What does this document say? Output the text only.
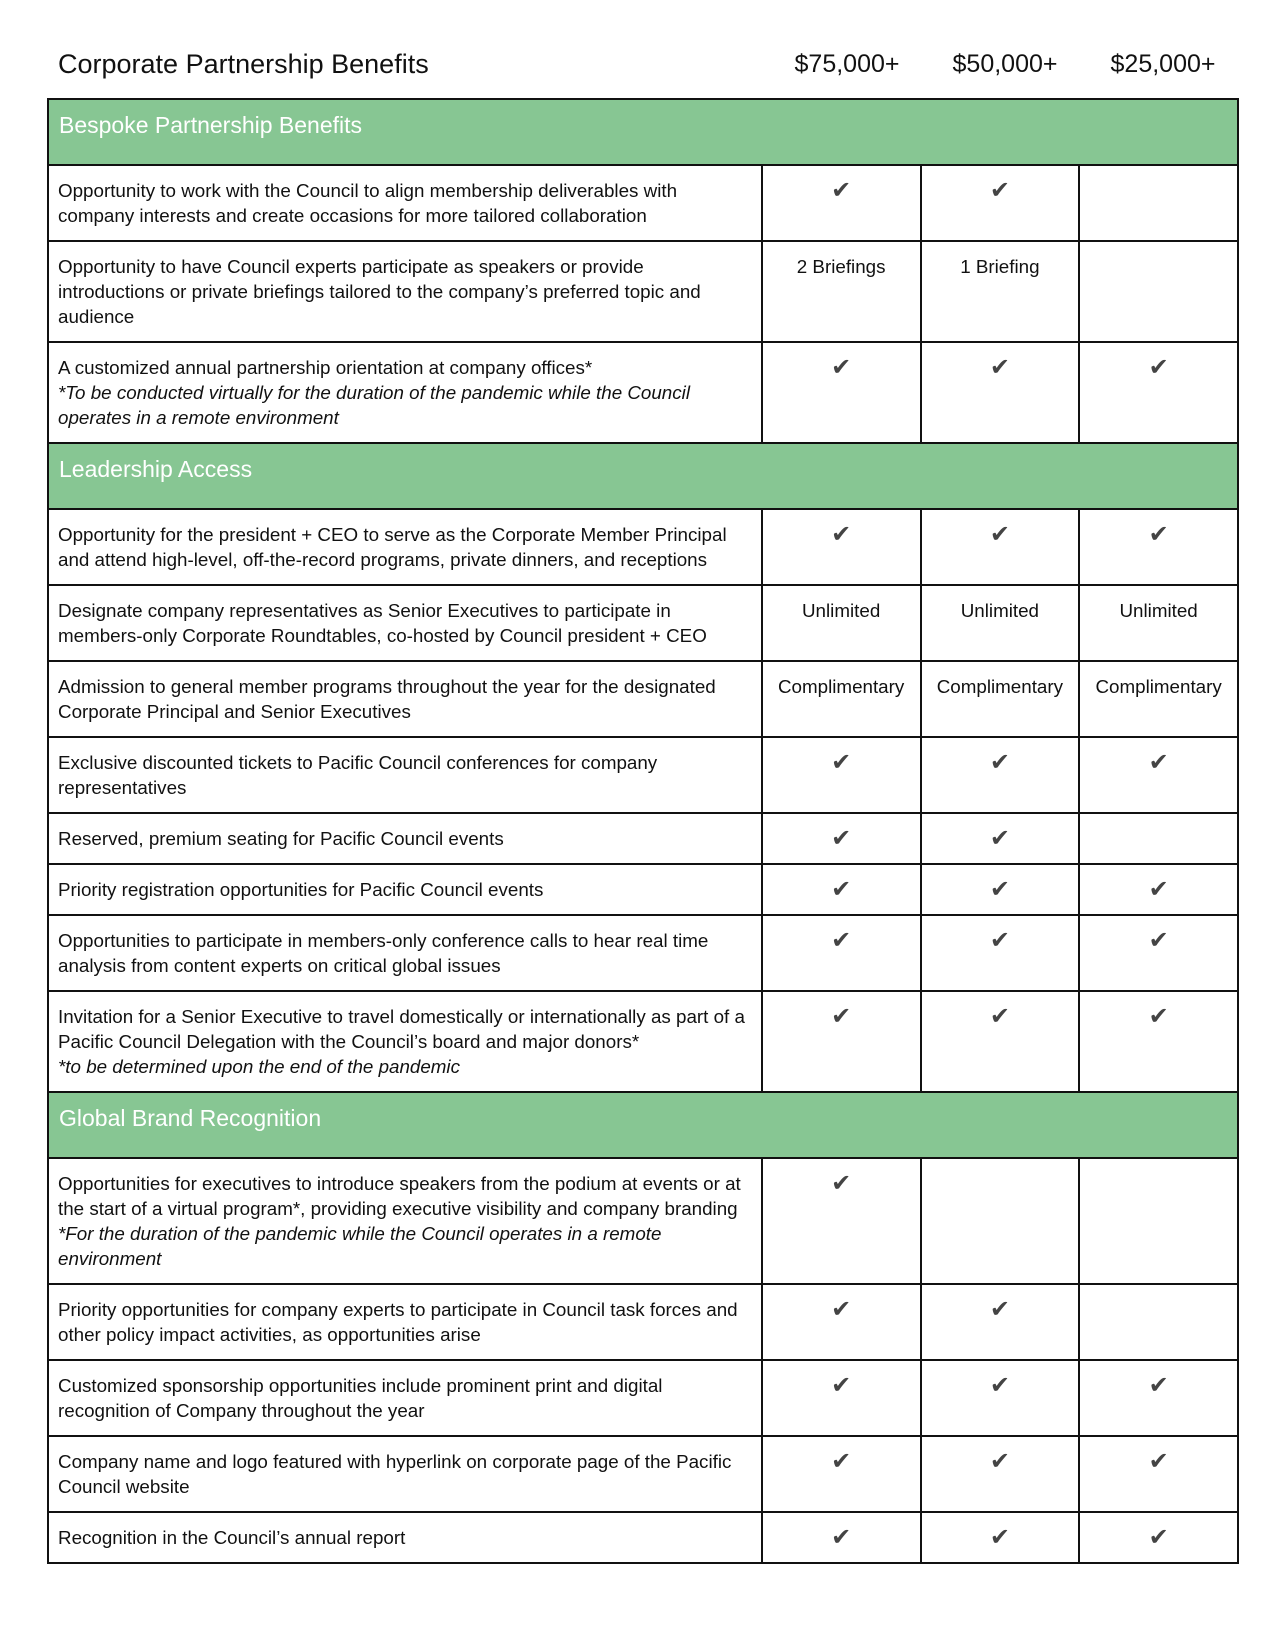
Corporate Partnership Benefits	$75,000+	$50,000+	$25,000+
Bespoke Partnership Benefits			
Opportunity to work with the Council to align membership deliverables with company interests and create occasions for more tailored collaboration	✔	✔	
Opportunity to have Council experts participate as speakers or provide introductions or private briefings tailored to the company’s preferred topic and audience	2 Briefings	1 Briefing	
A customized annual partnership orientation at company offices*
*To be conducted virtually for the duration of the pandemic while the Council operates in a remote environment	✔	✔	✔
Leadership Access			
Opportunity for the president + CEO to serve as the Corporate Member Principal and attend high-level, off-the-record programs, private dinners, and receptions	✔	✔	✔
Designate company representatives as Senior Executives to participate in members-only Corporate Roundtables, co-hosted by Council president + CEO	Unlimited	Unlimited	Unlimited
Admission to general member programs throughout the year for the designated Corporate Principal and Senior Executives	Complimentary	Complimentary	Complimentary
Exclusive discounted tickets to Pacific Council conferences for company representatives	✔	✔	✔
Reserved, premium seating for Pacific Council events	✔	✔	
Priority registration opportunities for Pacific Council events	✔	✔	✔
Opportunities to participate in members-only conference calls to hear real time analysis from content experts on critical global issues	✔	✔	✔
Invitation for a Senior Executive to travel domestically or internationally as part of a Pacific Council Delegation with the Council’s board and major donors*
*to be determined upon the end of the pandemic	✔	✔	✔
Global Brand Recognition			
Opportunities for executives to introduce speakers from the podium at events or at the start of a virtual program*, providing executive visibility and company branding
*For the duration of the pandemic while the Council operates in a remote environment	✔		
Priority opportunities for company experts to participate in Council task forces and other policy impact activities, as opportunities arise	✔	✔	
Customized sponsorship opportunities include prominent print and digital recognition of Company throughout the year	✔	✔	✔
Company name and logo featured with hyperlink on corporate page of the Pacific Council website	✔	✔	✔
Recognition in the Council’s annual report	✔	✔	✔
